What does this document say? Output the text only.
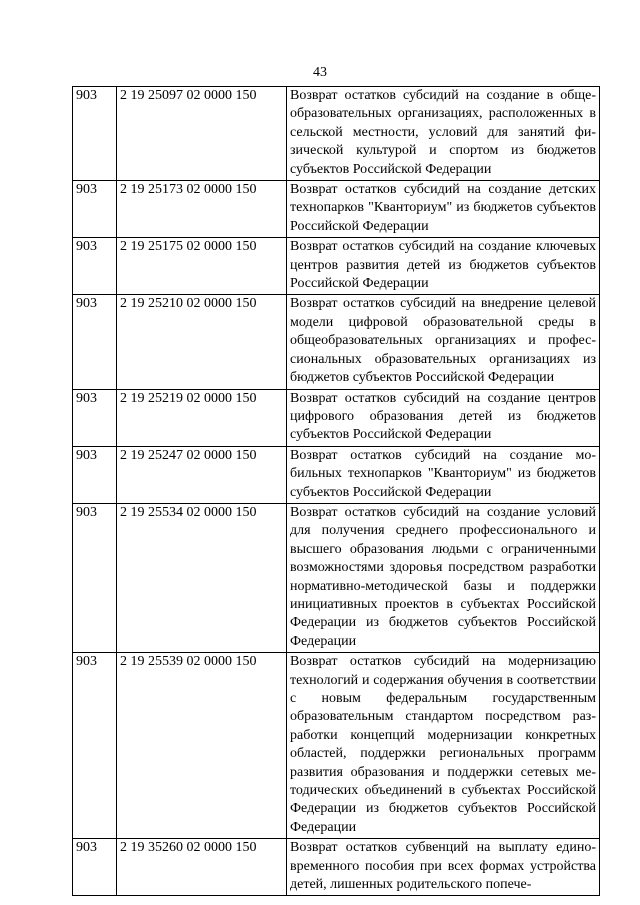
43
903	2 19 25097 02 0000 150	Возврат остатков субсидий на создание в общеобразовательных организациях, расположенных в сельской местности, условий для занятий физической культурой и спортом из бюджетов субъектов Российской Федерации
903	2 19 25173 02 0000 150	Возврат остатков субсидий на создание детских технопарков "Кванториум" из бюджетов субъектов Российской Федерации
903	2 19 25175 02 0000 150	Возврат остатков субсидий на создание ключевых центров развития детей из бюджетов субъектов Российской Федерации
903	2 19 25210 02 0000 150	Возврат остатков субсидий на внедрение целевой модели цифровой образовательной среды в общеобразовательных организациях и профессиональных образовательных организациях из бюджетов субъектов Российской Федерации
903	2 19 25219 02 0000 150	Возврат остатков субсидий на создание центров цифрового образования детей из бюджетов субъектов Российской Федерации
903	2 19 25247 02 0000 150	Возврат остатков субсидий на создание мобильных технопарков "Кванториум" из бюджетов субъектов Российской Федерации
903	2 19 25534 02 0000 150	Возврат остатков субсидий на создание условий для получения среднего профессионального и высшего образования людьми с ограниченными возможностями здоровья посредством разработки нормативно-методической базы и поддержки инициативных проектов в субъектах Российской Федерации из бюджетов субъектов Российской Федерации
903	2 19 25539 02 0000 150	Возврат остатков субсидий на модернизацию технологий и содержания обучения в соответствии с новым федеральным государственным образовательным стандартом посредством разработки концепций модернизации конкретных областей, поддержки региональных программ развития образования и поддержки сетевых методических объединений в субъектах Российской Федерации из бюджетов субъектов Российской Федерации
903	2 19 35260 02 0000 150	Возврат остатков субвенций на выплату единовременного пособия при всех формах устройства детей, лишенных родительского попече-
